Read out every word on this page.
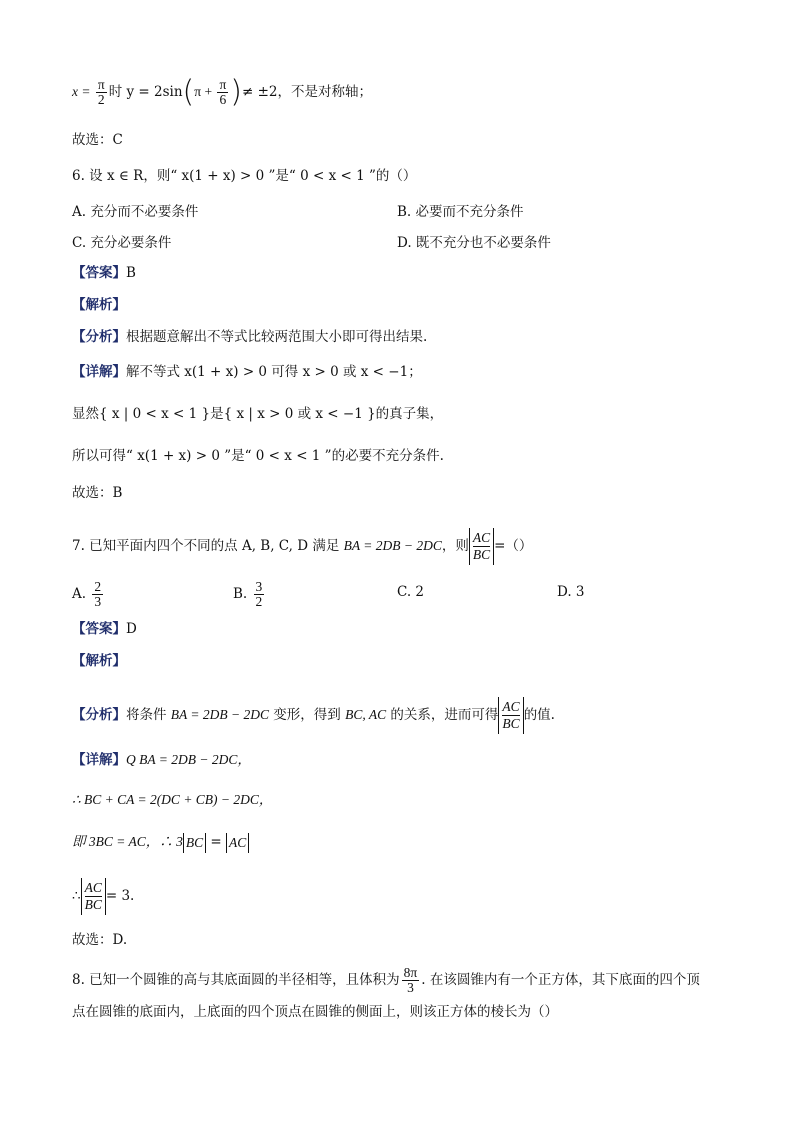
$x = \frac{\pi}{2}$ 时 $y = 2\sin(\pi + \frac{\pi}{6}$ )≠ ±2，不是对称轴；
故选：C
6. 设 x ∈ R，则“ x(1 + x) > 0 ”是“ 0 < x < 1 ”的（）
A. 充分而不必要条件	B. 必要而不充分条件
C. 充分必要条件	D. 既不充分也不必要条件
【答案】B
【解析】
【分析】根据题意解出不等式比较两范围大小即可得出结果.
【详解】解不等式 x(1 + x) > 0 可得 x > 0 或 x < −1；
显然{ x | 0 < x < 1 }是{ x | x > 0 或 x < −1 }的真子集，
所以可得“ x(1 + x) > 0 ”是“ 0 < x < 1 ”的必要不充分条件.
故选：B
7. 已知平面内四个不同的点 A, B, C, D 满足 BA = 2DB − 2DC，则 $\frac{AC}{BC}$ =（）
A. $\frac{2}{3}$	B. $\frac{3}{2}$	C. 2	D. 3
【答案】D
【解析】
【分析】将条件 BA = 2DB − 2DC 变形，得到 BC, AC 的关系，进而可得 $\frac{AC}{BC}$ 的值.
【详解】Q BA = 2DB − 2DC，
∴ BC + CA = 2(DC + CB) − 2DC，
即 3BC = AC，∴ 3 BC = AC
∴ $\frac{AC}{BC} = 3$.
故选：D.
8. 已知一个圆锥的高与其底面圆的半径相等，且体积为 $\frac{8\pi}{3}$ . 在该圆锥内有一个正方体，其下底面的四个顶
点在圆锥的底面内，上底面的四个顶点在圆锥的侧面上，则该正方体的棱长为（）
